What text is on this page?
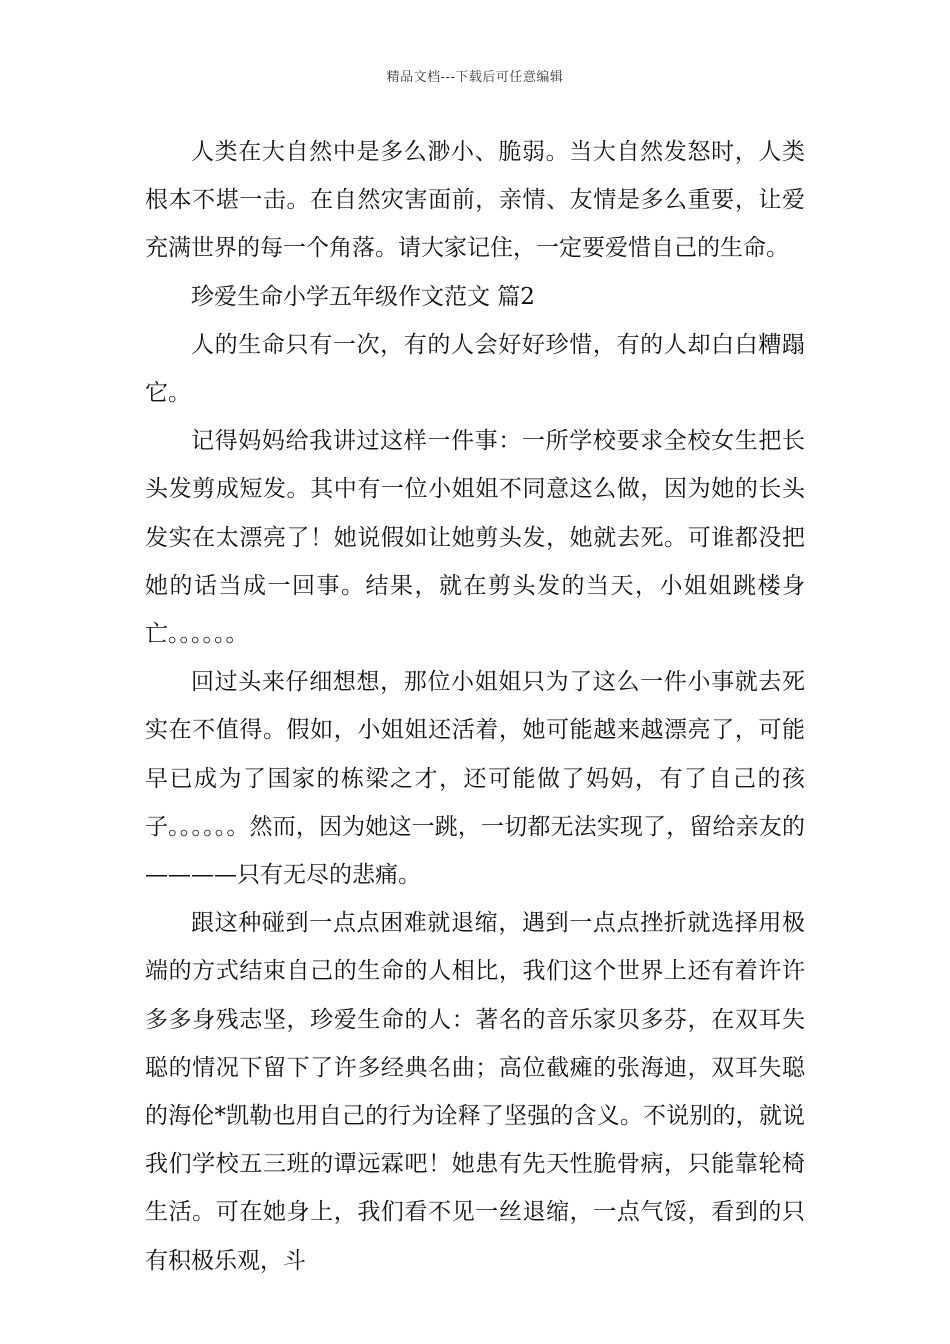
精品文档---下载后可任意编辑

人类在大自然中是多么渺小、脆弱。当大自然发怒时，人类根本不堪一击。在自然灾害面前，亲情、友情是多么重要，让爱充满世界的每一个角落。请大家记住，一定要爱惜自己的生命。

珍爱生命小学五年级作文范文 篇2

人的生命只有一次，有的人会好好珍惜，有的人却白白糟蹋它。

记得妈妈给我讲过这样一件事：一所学校要求全校女生把长头发剪成短发。其中有一位小姐姐不同意这么做，因为她的长头发实在太漂亮了！她说假如让她剪头发，她就去死。可谁都没把她的话当成一回事。结果，就在剪头发的当天，小姐姐跳楼身亡。。。。。。

回过头来仔细想想，那位小姐姐只为了这么一件小事就去死实在不值得。假如，小姐姐还活着，她可能越来越漂亮了，可能早已成为了国家的栋梁之才，还可能做了妈妈，有了自己的孩子。。。。。。然而，因为她这一跳，一切都无法实现了，留给亲友的————只有无尽的悲痛。

跟这种碰到一点点困难就退缩，遇到一点点挫折就选择用极端的方式结束自己的生命的人相比，我们这个世界上还有着许许多多身残志坚，珍爱生命的人：著名的音乐家贝多芬，在双耳失聪的情况下留下了许多经典名曲；高位截瘫的张海迪，双耳失聪的海伦*凯勒也用自己的行为诠释了坚强的含义。不说别的，就说我们学校五三班的谭远霖吧！她患有先天性脆骨病，只能靠轮椅生活。可在她身上，我们看不见一丝退缩，一点气馁，看到的只有积极乐观，斗
